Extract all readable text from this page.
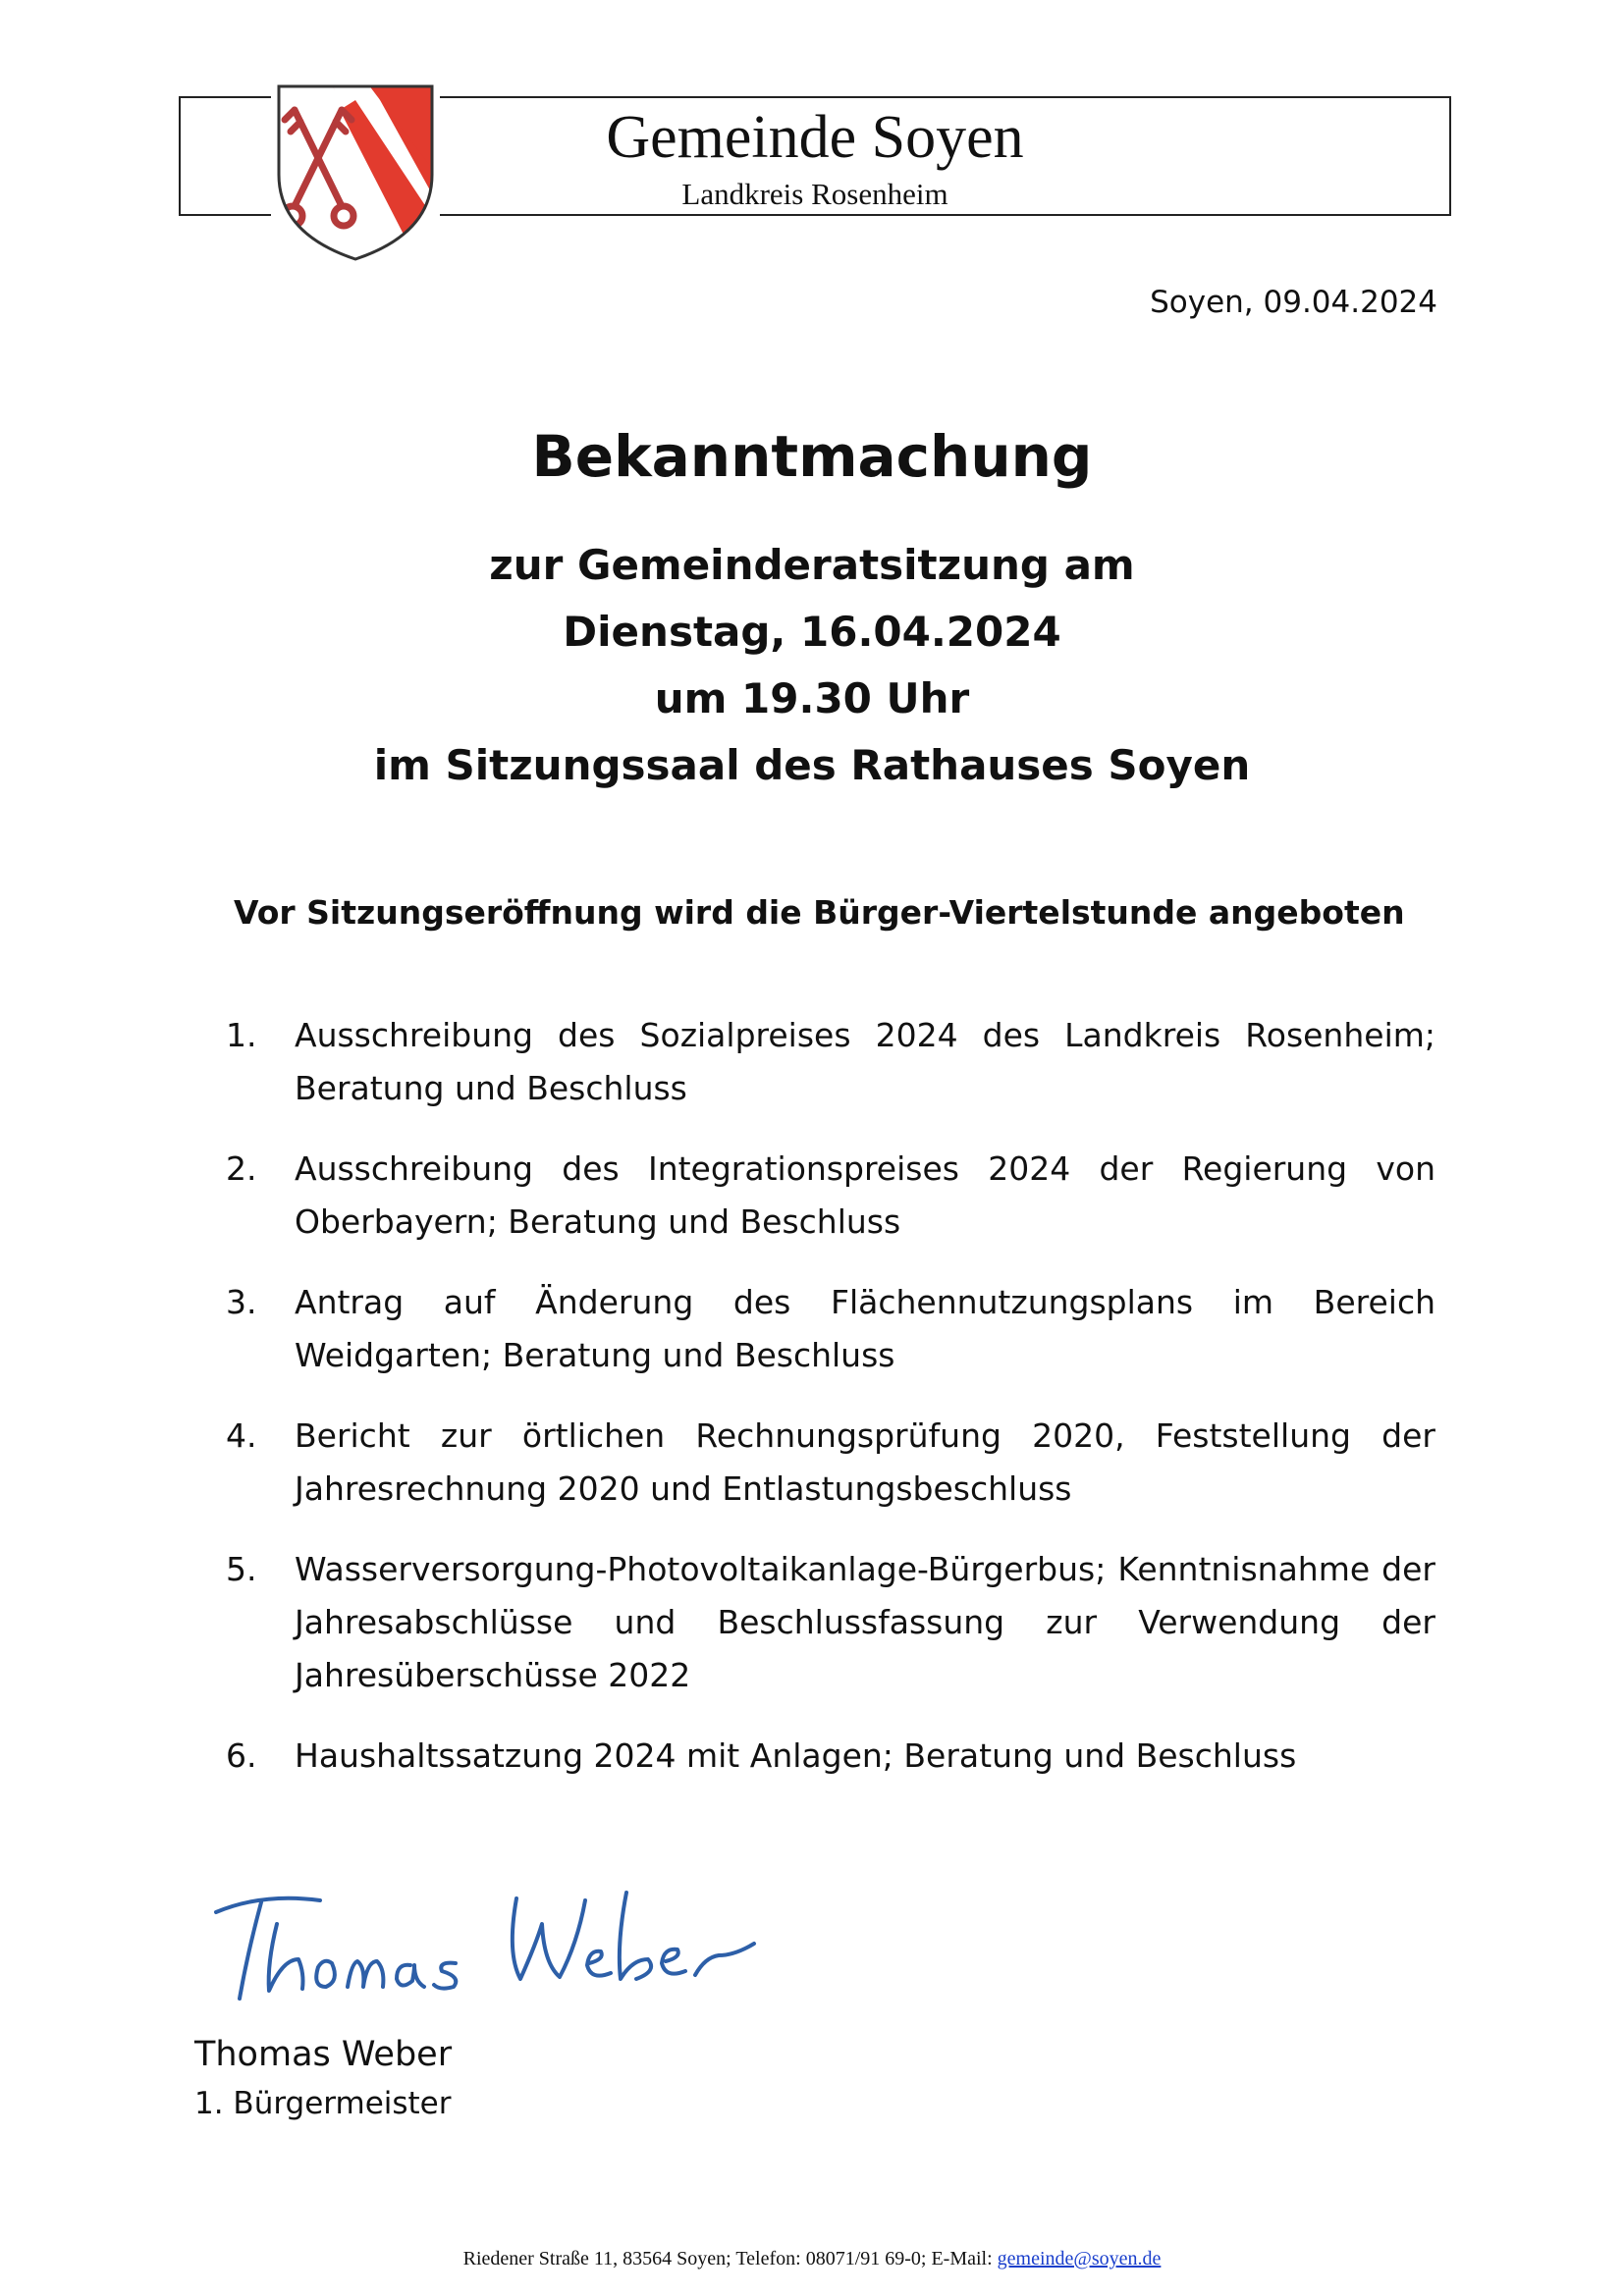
Gemeinde Soyen
Landkreis Rosenheim
Soyen, 09.04.2024
Bekanntmachung
zur Gemeinderatsitzung am
Dienstag, 16.04.2024
um 19.30 Uhr
im Sitzungssaal des Rathauses Soyen
Vor Sitzungseröffnung wird die Bürger-Viertelstunde angeboten
1. Ausschreibung des Sozialpreises 2024 des Landkreis Rosenheim; Beratung und Beschluss
2. Ausschreibung des Integrationspreises 2024 der Regierung von Oberbayern; Beratung und Beschluss
3. Antrag auf Änderung des Flächennutzungsplans im Bereich Weidgarten; Beratung und Beschluss
4. Bericht zur örtlichen Rechnungsprüfung 2020, Feststellung der Jahresrechnung 2020 und Entlastungsbeschluss
5. Wasserversorgung-Photovoltaikanlage-Bürgerbus; Kenntnisnahme der Jahresabschlüsse und Beschlussfassung zur Verwendung der Jahresüberschüsse 2022
6. Haushaltssatzung 2024 mit Anlagen; Beratung und Beschluss
Thomas Weber
1. Bürgermeister
Riedener Straße 11, 83564 Soyen; Telefon: 08071/91 69-0; E-Mail: gemeinde@soyen.de
